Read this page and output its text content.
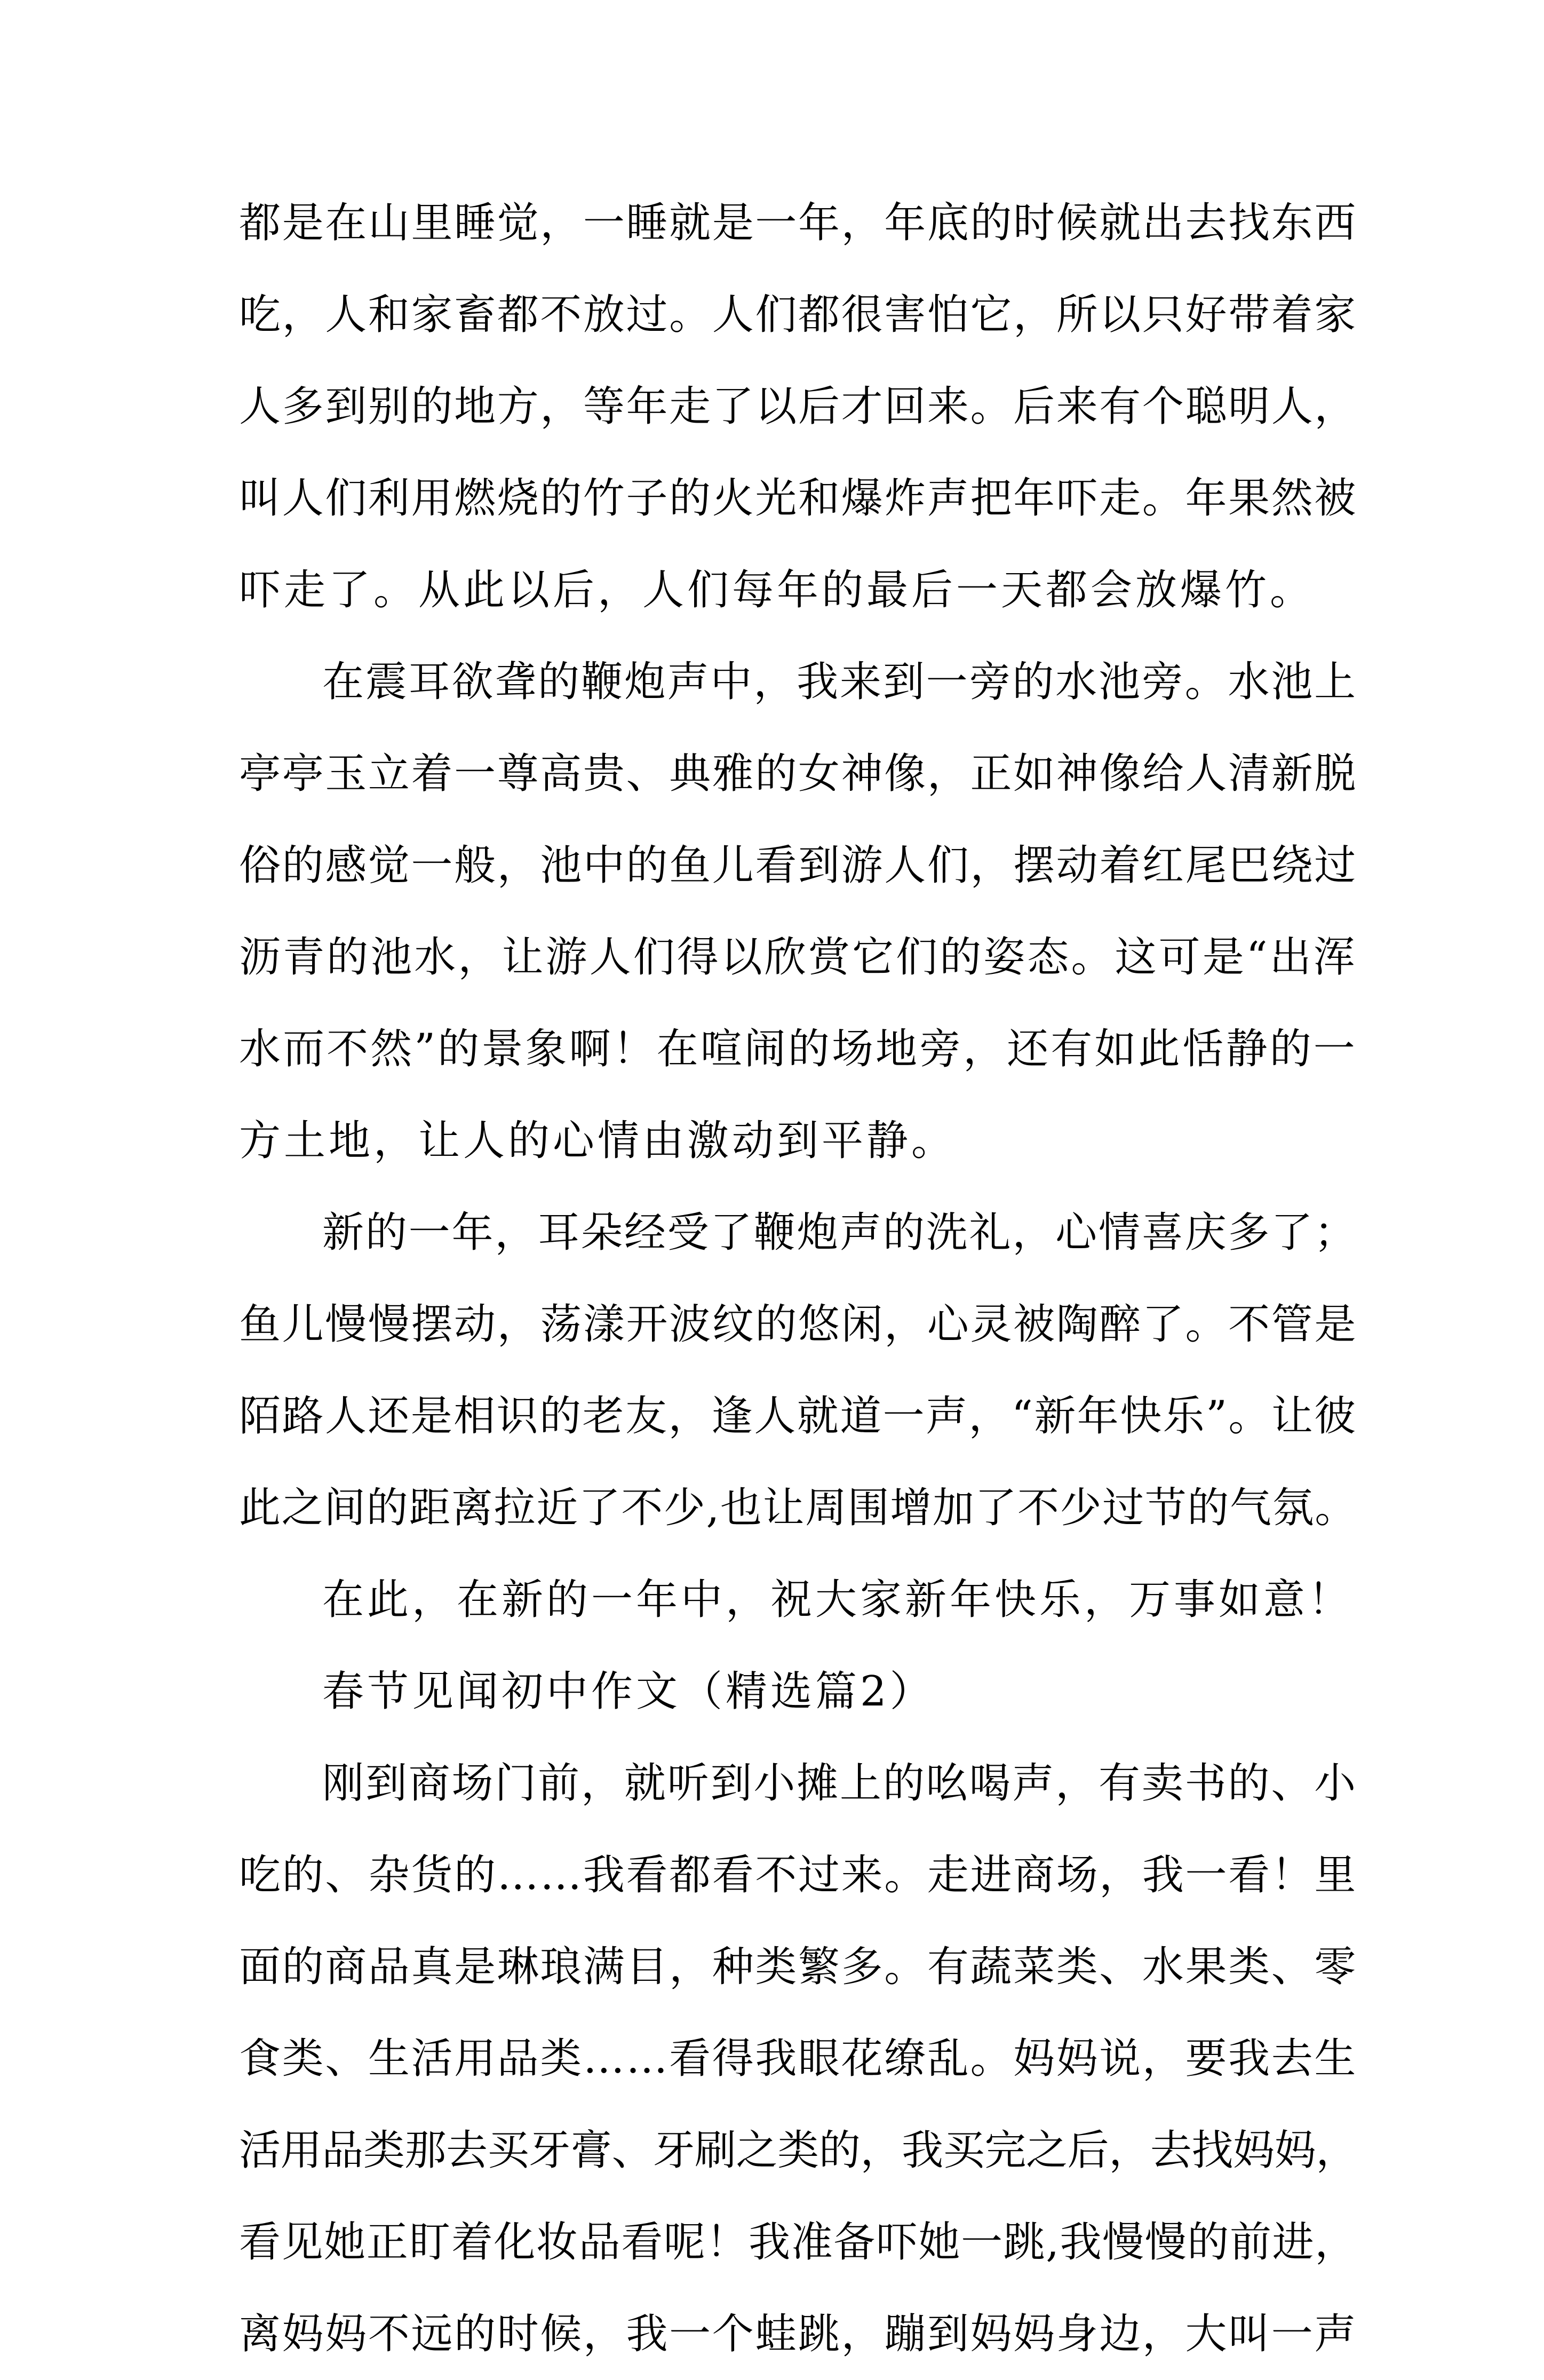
都是在山里睡觉，一睡就是一年，年底的时候就出去找东西
吃，人和家畜都不放过。人们都很害怕它，所以只好带着家
人多到别的地方，等年走了以后才回来。后来有个聪明人，
叫人们利用燃烧的竹子的火光和爆炸声把年吓走。年果然被
吓走了。从此以后，人们每年的最后一天都会放爆竹。
在震耳欲聋的鞭炮声中，我来到一旁的水池旁。水池上
亭亭玉立着一尊高贵、典雅的女神像，正如神像给人清新脱
俗的感觉一般，池中的鱼儿看到游人们，摆动着红尾巴绕过
沥青的池水，让游人们得以欣赏它们的姿态。这可是“出浑
水而不然”的景象啊！在喧闹的场地旁，还有如此恬静的一
方土地，让人的心情由激动到平静。
新的一年，耳朵经受了鞭炮声的洗礼，心情喜庆多了；
鱼儿慢慢摆动，荡漾开波纹的悠闲，心灵被陶醉了。不管是
陌路人还是相识的老友，逢人就道一声，“新年快乐”。让彼
此之间的距离拉近了不少,也让周围增加了不少过节的气氛。
在此，在新的一年中，祝大家新年快乐，万事如意！
春节见闻初中作文（精选篇2）
刚到商场门前，就听到小摊上的吆喝声，有卖书的、小
吃的、杂货的……我看都看不过来。走进商场，我一看！里
面的商品真是琳琅满目，种类繁多。有蔬菜类、水果类、零
食类、生活用品类……看得我眼花缭乱。妈妈说，要我去生
活用品类那去买牙膏、牙刷之类的，我买完之后，去找妈妈，
看见她正盯着化妆品看呢！我准备吓她一跳,我慢慢的前进，
离妈妈不远的时候，我一个蛙跳，蹦到妈妈身边，大叫一声
